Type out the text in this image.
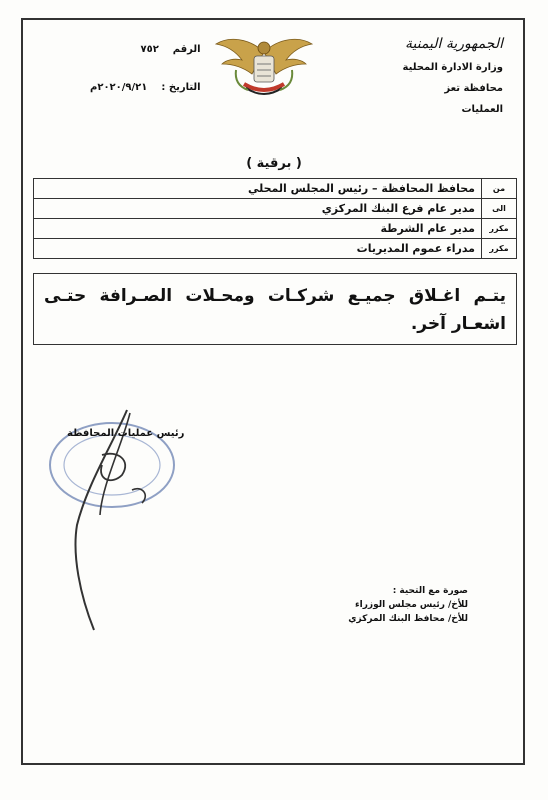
الرقم
٧٥٢
التاريخ :
٢٠٢٠/٩/٢١م
الجمهورية اليمنية
وزارة الادارة المحلية
محافظة تعز
العمليات
( برقية )
من	محافظ المحافظة – رئيس المجلس المحلي
الى	مدير عام فرع البنك المركزي
مكرر	مدير عام الشرطة
مكرر	مدراء عموم المديريات
يتـم اغـلاق جميـع شركـات ومحـلات الصـرافة حتـى اشعـار آخر.
رئيس عمليات المحافظة
صورة مع التحية :
للأخ/ رئيس مجلس الوزراء
للأخ/ محافظ البنك المركزي
